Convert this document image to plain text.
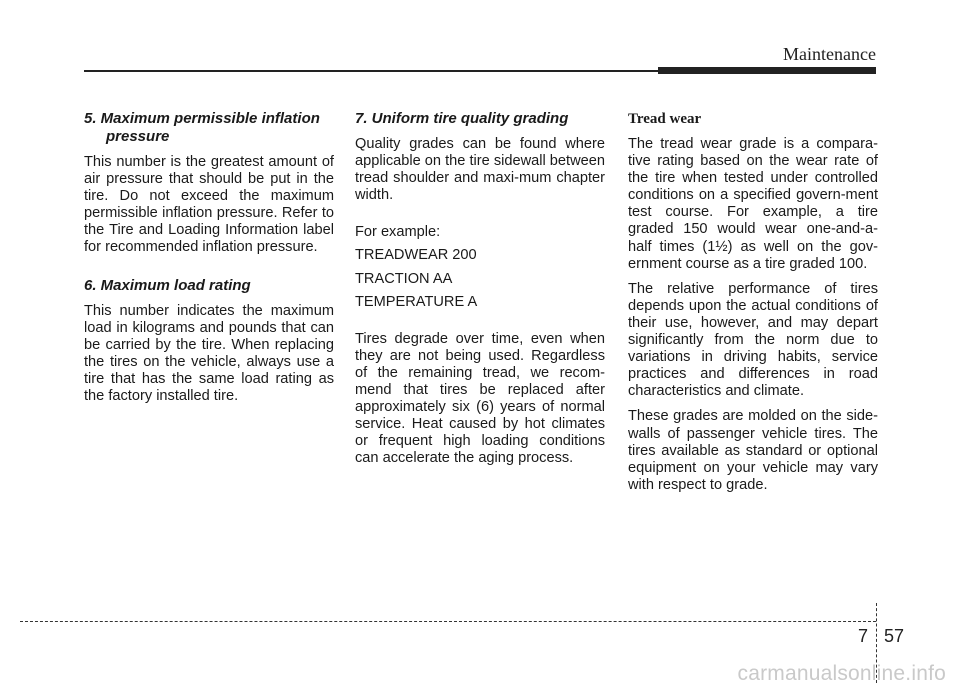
Maintenance
5. Maximum permissible inflation
pressure

This number is the greatest amount of air pressure that should be put in the tire. Do not exceed the maximum permissible inflation pressure. Refer to the Tire and Loading Information label for recommended inflation pressure.

6. Maximum load rating

This number indicates the maximum load in kilograms and pounds that can be carried by the tire. When replacing the tires on the vehicle, always use a tire that has the same load rating as the factory installed tire.

7. Uniform tire quality grading

Quality grades can be found where applicable on the tire sidewall between tread shoulder and maxi-mum chapter width.

For example:
TREADWEAR 200
TRACTION AA
TEMPERATURE A

Tires degrade over time, even when they are not being used. Regardless of the remaining tread, we recom-mend that tires be replaced after approximately six (6) years of normal service. Heat caused by hot climates or frequent high loading conditions can accelerate the aging process.

Tread wear

The tread wear grade is a compara-tive rating based on the wear rate of the tire when tested under controlled conditions on a specified govern-ment test course. For example, a tire graded 150 would wear one-and-a-half times (1½) as well on the gov-ernment course as a tire graded 100.

The relative performance of tires depends upon the actual conditions of their use, however, and may depart significantly from the norm due to variations in driving habits, service practices and differences in road characteristics and climate.

These grades are molded on the side-walls of passenger vehicle tires. The tires available as standard or optional equipment on your vehicle may vary with respect to grade.

7 57
carmanualsonline.info
